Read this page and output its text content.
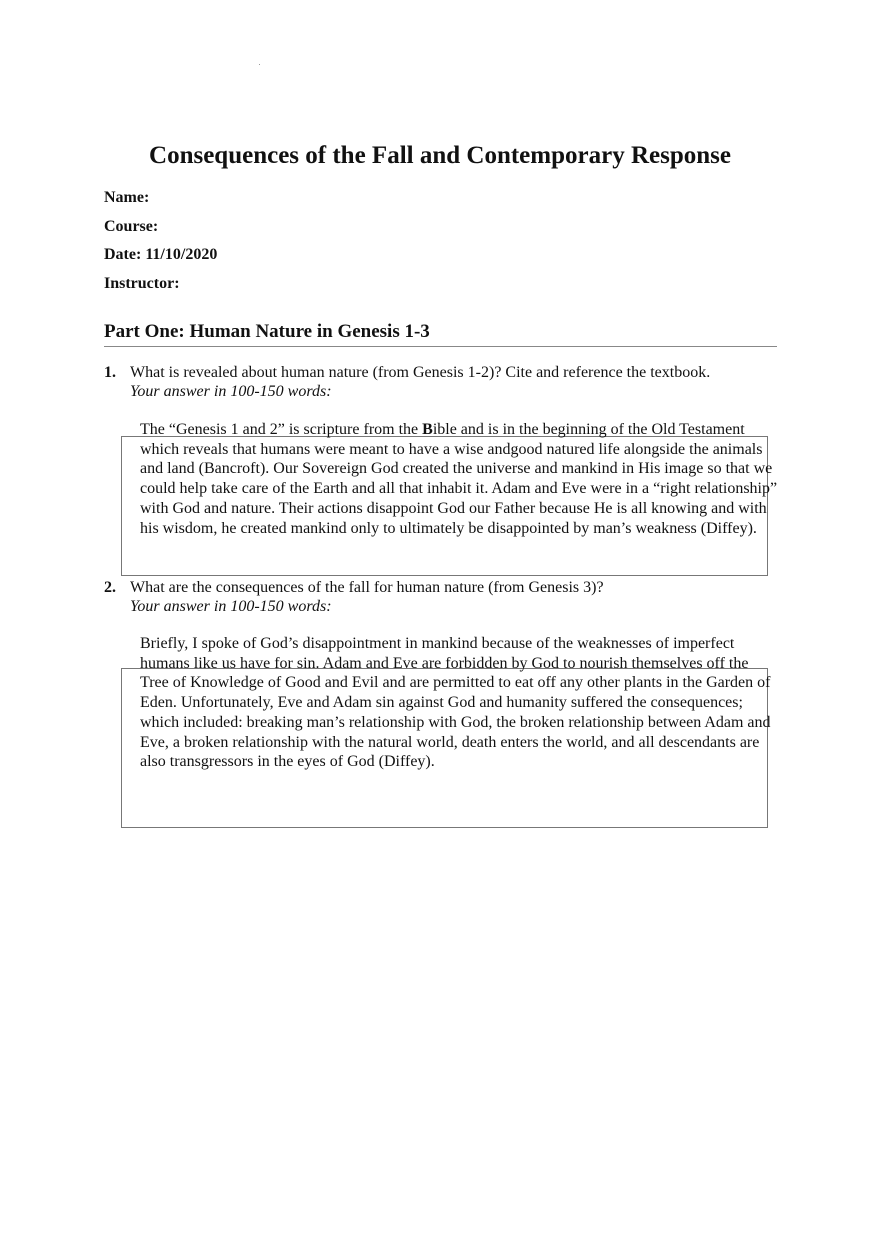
Consequences of the Fall and Contemporary Response
Name:
Course:
Date: 11/10/2020
Instructor:
Part One: Human Nature in Genesis 1-3
1. What is revealed about human nature (from Genesis 1-2)? Cite and reference the textbook.
Your answer in 100-150 words:

The “Genesis 1 and 2” is scripture from the Bible and is in the beginning of the Old Testament which reveals that humans were meant to have a wise andgood natured life alongside the animals and land (Bancroft). Our Sovereign God created the universe and mankind in His image so that we could help take care of the Earth and all that inhabit it. Adam and Eve were in a “right relationship” with God and nature. Their actions disappoint God our Father because He is all knowing and with his wisdom, he created mankind only to ultimately be disappointed by man’s weakness (Diffey).

2. What are the consequences of the fall for human nature (from Genesis 3)?
Your answer in 100-150 words:

Briefly, I spoke of God’s disappointment in mankind because of the weaknesses of imperfect humans like us have for sin. Adam and Eve are forbidden by God to nourish themselves off the Tree of Knowledge of Good and Evil and are permitted to eat off any other plants in the Garden of Eden. Unfortunately, Eve and Adam sin against God and humanity suffered the consequences; which included: breaking man’s relationship with God, the broken relationship between Adam and Eve, a broken relationship with the natural world, death enters the world, and all descendants are also transgressors in the eyes of God (Diffey).
